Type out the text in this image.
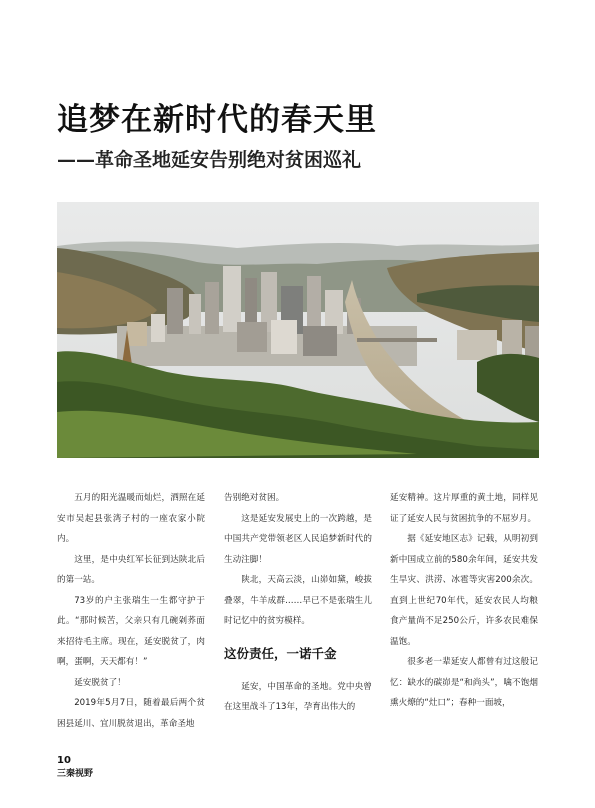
追梦在新时代的春天里
——革命圣地延安告别绝对贫困巡礼

五月的阳光温暖而灿烂，洒照在延安市吴起县张湾子村的一座农家小院内。

这里，是中央红军长征到达陕北后的第一站。

73岁的户主张瑞生一生都守护于此。“那时候苦，父亲只有几碗剁荞面来招待毛主席。现在，延安脱贫了，肉啊，蛋啊，天天都有！”

延安脱贫了！

2019年5月7日，随着最后两个贫困县延川、宜川脱贫退出，革命圣地

告别绝对贫困。

这是延安发展史上的一次跨越，是中国共产党带领老区人民追梦新时代的生动注脚！

陕北，天高云淡，山峁如黛，峻拔叠翠，牛羊成群……早已不是张瑞生儿时记忆中的贫穷模样。

这份责任，一诺千金

延安，中国革命的圣地。党中央曾在这里战斗了13年，孕育出伟大的

延安精神。这片厚重的黄土地，同样见证了延安人民与贫困抗争的不屈岁月。

据《延安地区志》记载，从明初到新中国成立前的580余年间，延安共发生旱灾、洪涝、冰雹等灾害200余次。直到上世纪70年代，延安农民人均粮食产量尚不足250公斤，许多农民难保温饱。

很多老一辈延安人都曾有过这般记忆：缺水的碳峁是“和尚头”，噙不饱烟熏火燎的“灶口”；春种一面坡，

10
三秦视野
